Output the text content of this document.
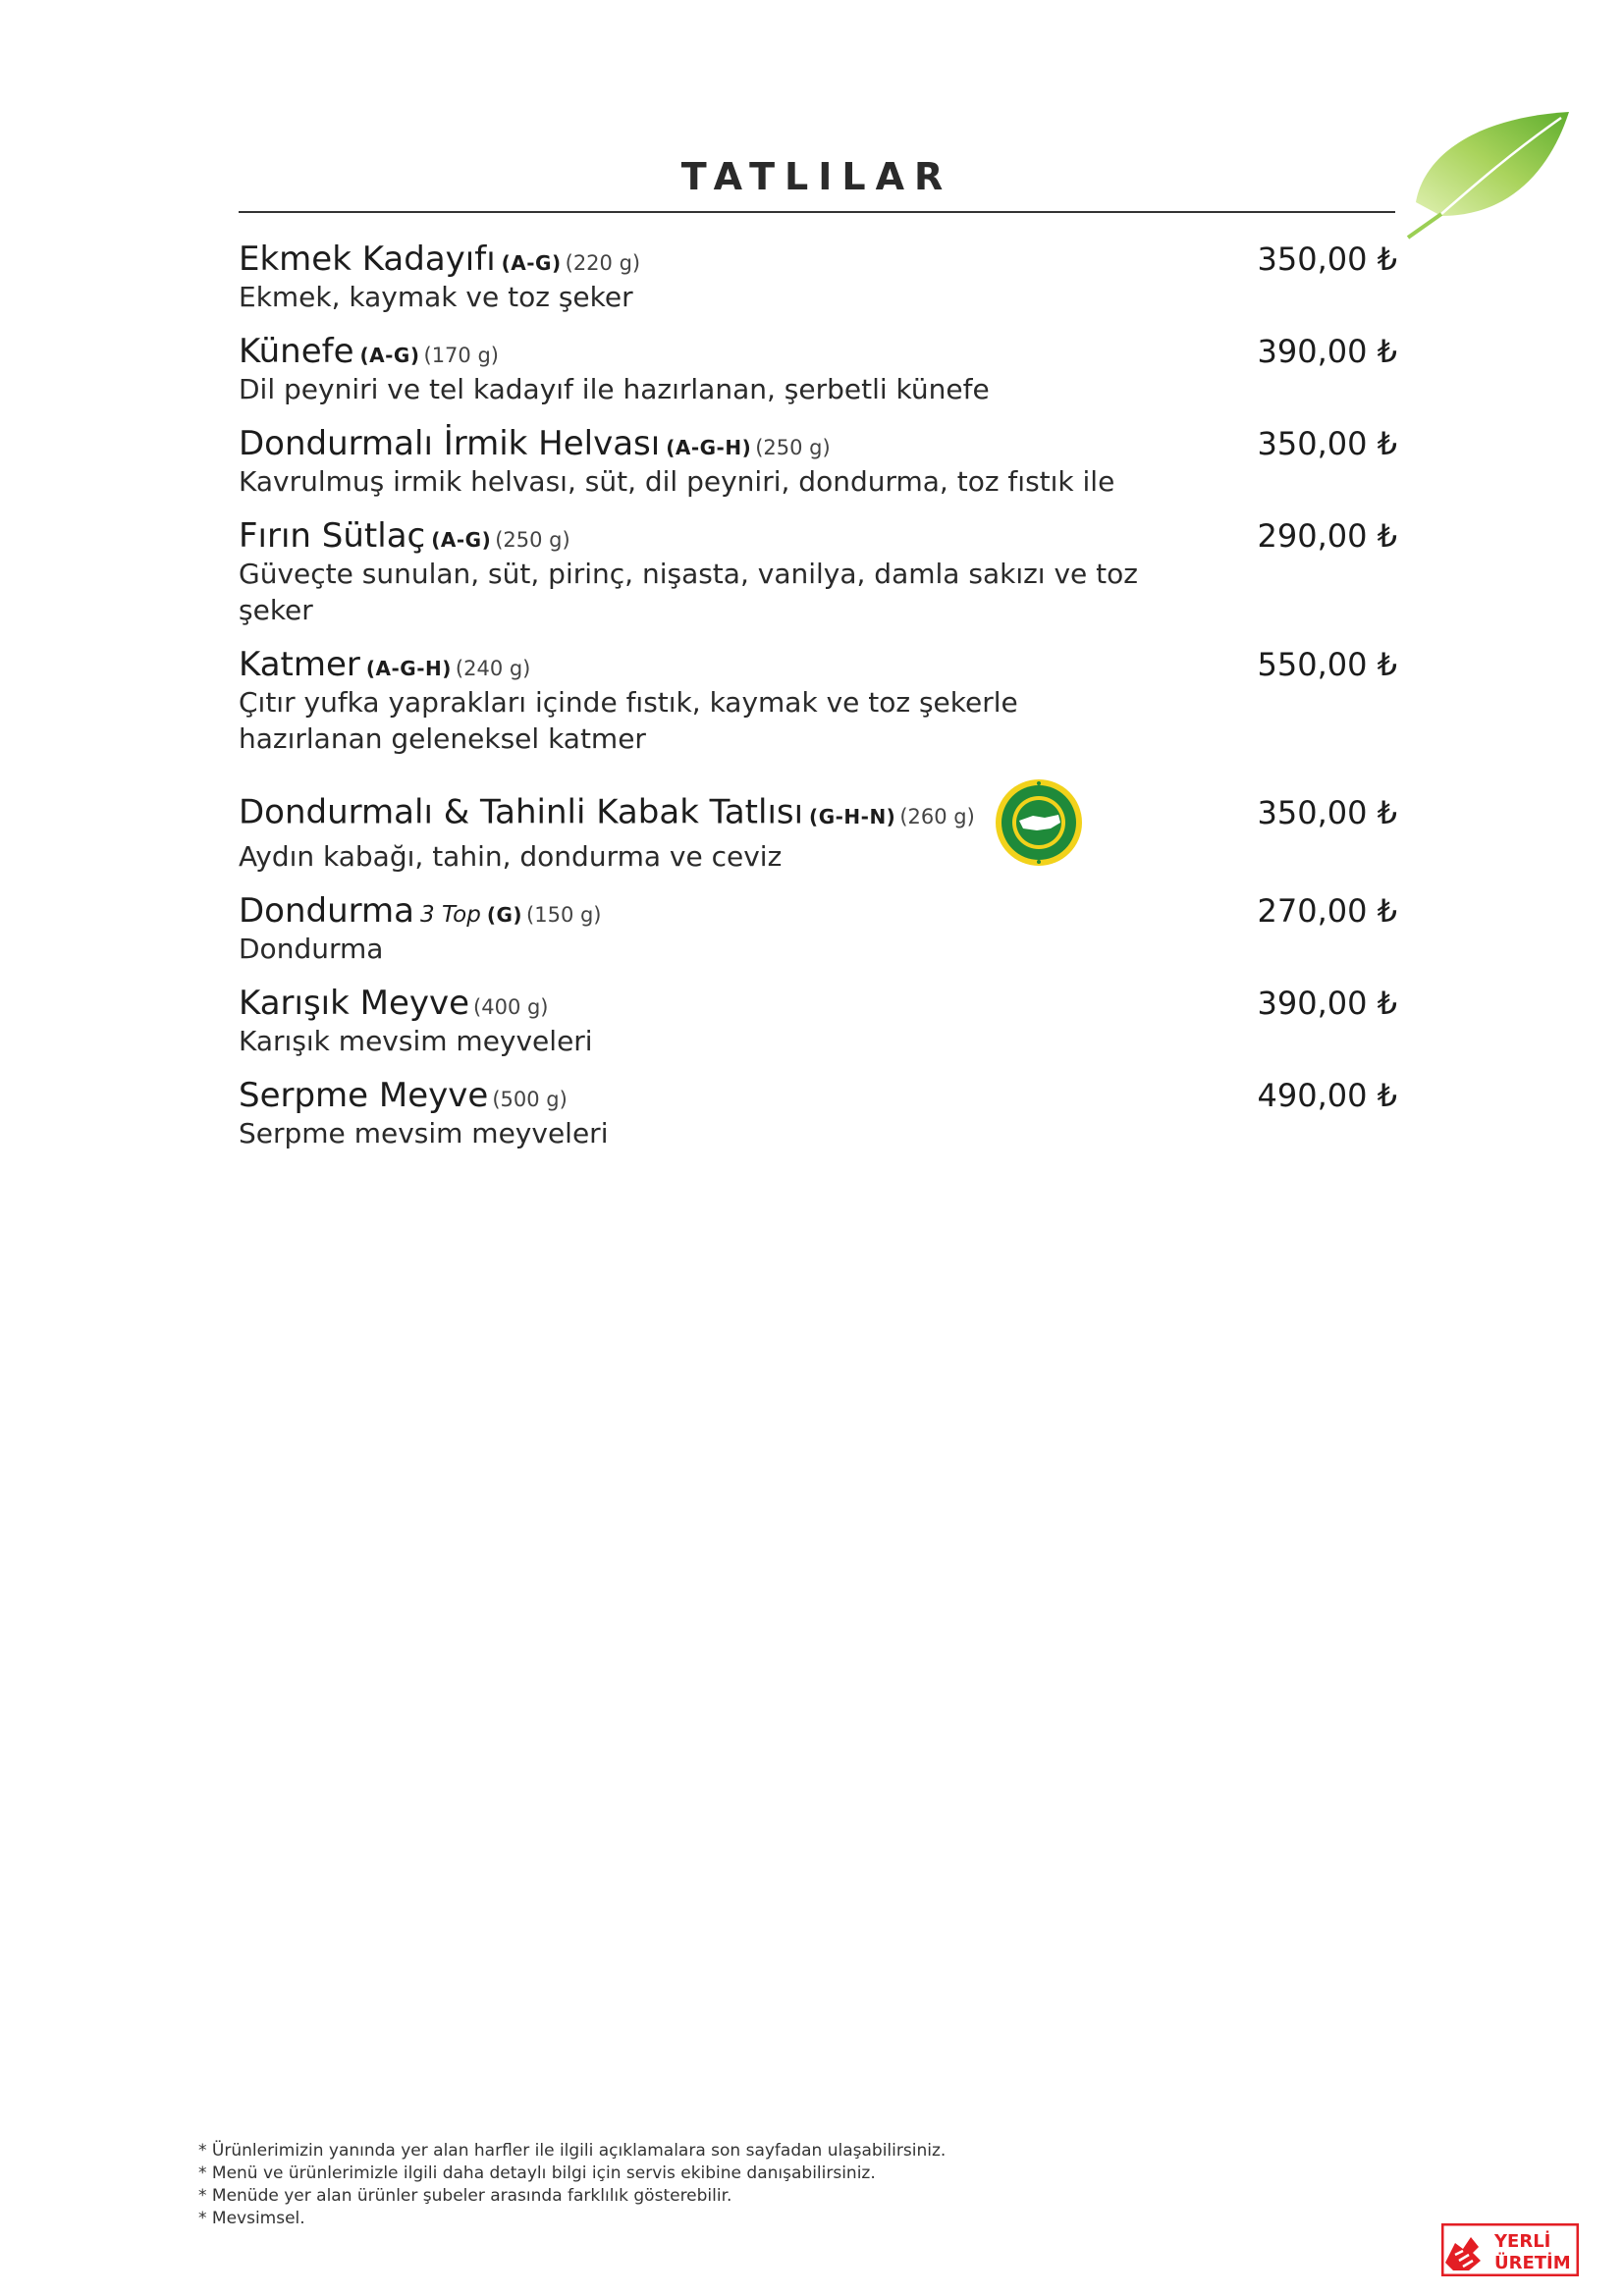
TATLILAR
Ekmek Kadayıfı (A-G) (220 g)	350,00 ₺
Ekmek, kaymak ve toz şeker
Künefe (A-G) (170 g)	390,00 ₺
Dil peyniri ve tel kadayıf ile hazırlanan, şerbetli künefe
Dondurmalı İrmik Helvası (A-G-H) (250 g)	350,00 ₺
Kavrulmuş irmik helvası, süt, dil peyniri, dondurma, toz fıstık ile
Fırın Sütlaç (A-G) (250 g)	290,00 ₺
Güveçte sunulan, süt, pirinç, nişasta, vanilya, damla sakızı ve toz şeker
Katmer (A-G-H) (240 g)	550,00 ₺
Çıtır yufka yaprakları içinde fıstık, kaymak ve toz şekerle hazırlanan geleneksel katmer
Dondurmalı & Tahinli Kabak Tatlısı (G-H-N) (260 g)	350,00 ₺
Aydın kabağı, tahin, dondurma ve ceviz
Dondurma 3 Top (G) (150 g)	270,00 ₺
Dondurma
Karışık Meyve (400 g)	390,00 ₺
Karışık mevsim meyveleri
Serpme Meyve (500 g)	490,00 ₺
Serpme mevsim meyveleri
* Ürünlerimizin yanında yer alan harfler ile ilgili açıklamalara son sayfadan ulaşabilirsiniz.
* Menü ve ürünlerimizle ilgili daha detaylı bilgi için servis ekibine danışabilirsiniz.
* Menüde yer alan ürünler şubeler arasında farklılık gösterebilir.
* Mevsimsel.
YERLİ
ÜRETİM
